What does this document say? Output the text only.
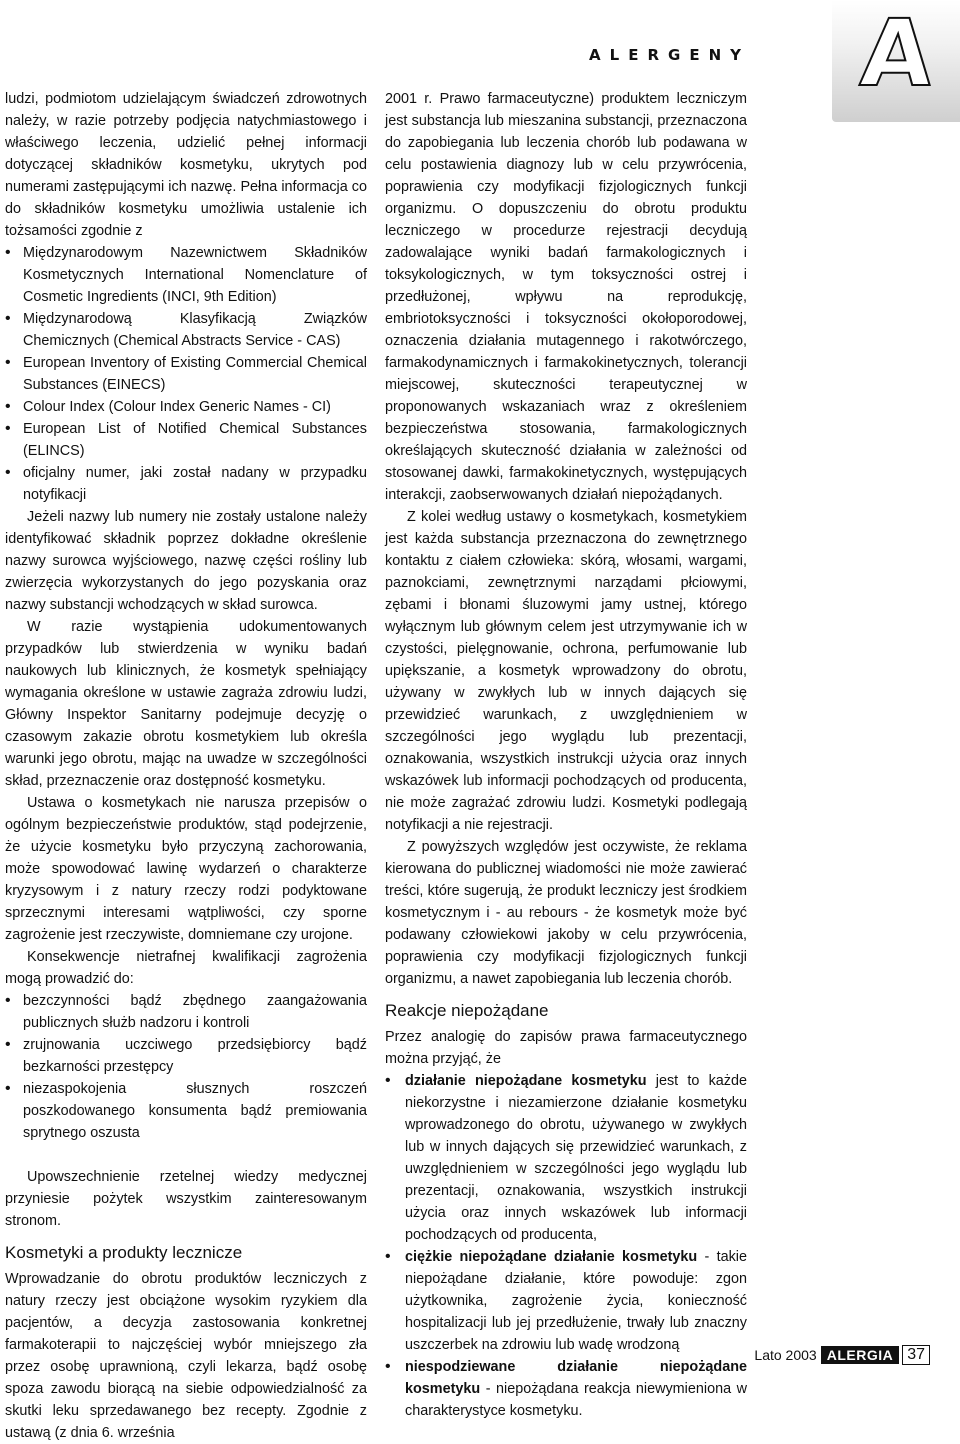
A
ALERGENY

ludzi, podmiotom udzielającym świadczeń zdrowotnych należy, w razie potrzeby podjęcia natychmiastowego i właściwego leczenia, udzielić pełnej informacji dotyczącej składników kosmetyku, ukrytych pod numerami zastępującymi ich nazwę. Pełna informacja co do składników kosmetyku umożliwia ustalenie ich tożsamości zgodnie z

• Międzynarodowym Nazewnictwem Składników Kosmetycznych International Nomenclature of Cosmetic Ingredients (INCI, 9th Edition)
• Międzynarodową Klasyfikacją Związków Chemicznych (Chemical Abstracts Service - CAS)
• European Inventory of Existing Commercial Chemical Substances (EINECS)
• Colour Index (Colour Index Generic Names - CI)
• European List of Notified Chemical Substances (ELINCS)
• oficjalny numer, jaki został nadany w przypadku notyfikacji

Jeżeli nazwy lub numery nie zostały ustalone należy identyfikować składnik poprzez dokładne określenie nazwy surowca wyjściowego, nazwę części rośliny lub zwierzęcia wykorzystanych do jego pozyskania oraz nazwy substancji wchodzących w skład surowca.

W razie wystąpienia udokumentowanych przypadków lub stwierdzenia w wyniku badań naukowych lub klinicznych, że kosmetyk spełniający wymagania określone w ustawie zagraża zdrowiu ludzi, Główny Inspektor Sanitarny podejmuje decyzję o czasowym zakazie obrotu kosmetykiem lub określa warunki jego obrotu, mając na uwadze w szczególności skład, przeznaczenie oraz dostępność kosmetyku.

Ustawa o kosmetykach nie narusza przepisów o ogólnym bezpieczeństwie produktów, stąd podejrzenie, że użycie kosmetyku było przyczyną zachorowania, może spowodować lawinę wydarzeń o charakterze kryzysowym i z natury rzeczy rodzi podyktowane sprzecznymi interesami wątpliwości, czy sporne zagrożenie jest rzeczywiste, domniemane czy urojone.

Konsekwencje nietrafnej kwalifikacji zagrożenia mogą prowadzić do:

• bezczynności bądź zbędnego zaangażowania publicznych służb nadzoru i kontroli
• zrujnowania uczciwego przedsiębiorcy bądź bezkarności przestępcy
• niezaspokojenia słusznych roszczeń poszkodowanego konsumenta bądź premiowania sprytnego oszusta

Upowszechnienie rzetelnej wiedzy medycznej przyniesie pożytek wszystkim zainteresowanym stronom.

Kosmetyki a produkty lecznicze

Wprowadzanie do obrotu produktów leczniczych z natury rzeczy jest obciążone wysokim ryzykiem dla pacjentów, a decyzja zastosowania konkretnej farmakoterapii to najczęściej wybór mniejszego zła przez osobę uprawnioną, czyli lekarza, bądź osobę spoza zawodu biorącą na siebie odpowiedzialność za skutki leku sprzedawanego bez recepty. Zgodnie z ustawą (z dnia 6. września

2001 r. Prawo farmaceutyczne) produktem leczniczym jest substancja lub mieszanina substancji, przeznaczona do zapobiegania lub leczenia chorób lub podawana w celu postawienia diagnozy lub w celu przywrócenia, poprawienia czy modyfikacji fizjologicznych funkcji organizmu. O dopuszczeniu do obrotu produktu leczniczego w procedurze rejestracji decydują zadowalające wyniki badań farmakologicznych i toksykologicznych, w tym toksyczności ostrej i przedłużonej, wpływu na reprodukcję, embriotoksyczności i toksyczności okołoporodowej, oznaczenia działania mutagennego i rakotwórczego, farmakodynamicznych i farmakokinetycznych, tolerancji miejscowej, skuteczności terapeutycznej w proponowanych wskazaniach wraz z określeniem bezpieczeństwa stosowania, farmakologicznych określających skuteczność działania w zależności od stosowanej dawki, farmakokinetycznych, występujących interakcji, zaobserwowanych działań niepożądanych.

Z kolei według ustawy o kosmetykach, kosmetykiem jest każda substancja przeznaczona do zewnętrznego kontaktu z ciałem człowieka: skórą, włosami, wargami, paznokciami, zewnętrznymi narządami płciowymi, zębami i błonami śluzowymi jamy ustnej, którego wyłącznym lub głównym celem jest utrzymywanie ich w czystości, pielęgnowanie, ochrona, perfumowanie lub upiększanie, a kosmetyk wprowadzony do obrotu, używany w zwykłych lub w innych dających się przewidzieć warunkach, z uwzględnieniem w szczególności jego wyglądu lub prezentacji, oznakowania, wszystkich instrukcji użycia oraz innych wskazówek lub informacji pochodzących od producenta, nie może zagrażać zdrowiu ludzi. Kosmetyki podlegają notyfikacji a nie rejestracji.

Z powyższych względów jest oczywiste, że reklama kierowana do publicznej wiadomości nie może zawierać treści, które sugerują, że produkt leczniczy jest środkiem kosmetycznym i - au rebours - że kosmetyk może być podawany człowiekowi jakoby w celu przywrócenia, poprawienia czy modyfikacji fizjologicznych funkcji organizmu, a nawet zapobiegania lub leczenia chorób.

Reakcje niepożądane

Przez analogię do zapisów prawa farmaceutycznego można przyjąć, że

• działanie niepożądane kosmetyku jest to każde niekorzystne i niezamierzone działanie kosmetyku wprowadzonego do obrotu, używanego w zwykłych lub w innych dających się przewidzieć warunkach, z uwzględnieniem w szczególności jego wyglądu lub prezentacji, oznakowania, wszystkich instrukcji użycia oraz innych wskazówek lub informacji pochodzących od producenta,
• ciężkie niepożądane działanie kosmetyku - takie niepożądane działanie, które powoduje: zgon użytkownika, zagrożenie życia, konieczność hospitalizacji lub jej przedłużenie, trwały lub znaczny uszczerbek na zdrowiu lub wadę wrodzoną
• niespodziewane działanie niepożądane kosmetyku - niepożądana reakcja niewymieniona w charakterystyce kosmetyku.
Lato 2003 ALERGIA 37
